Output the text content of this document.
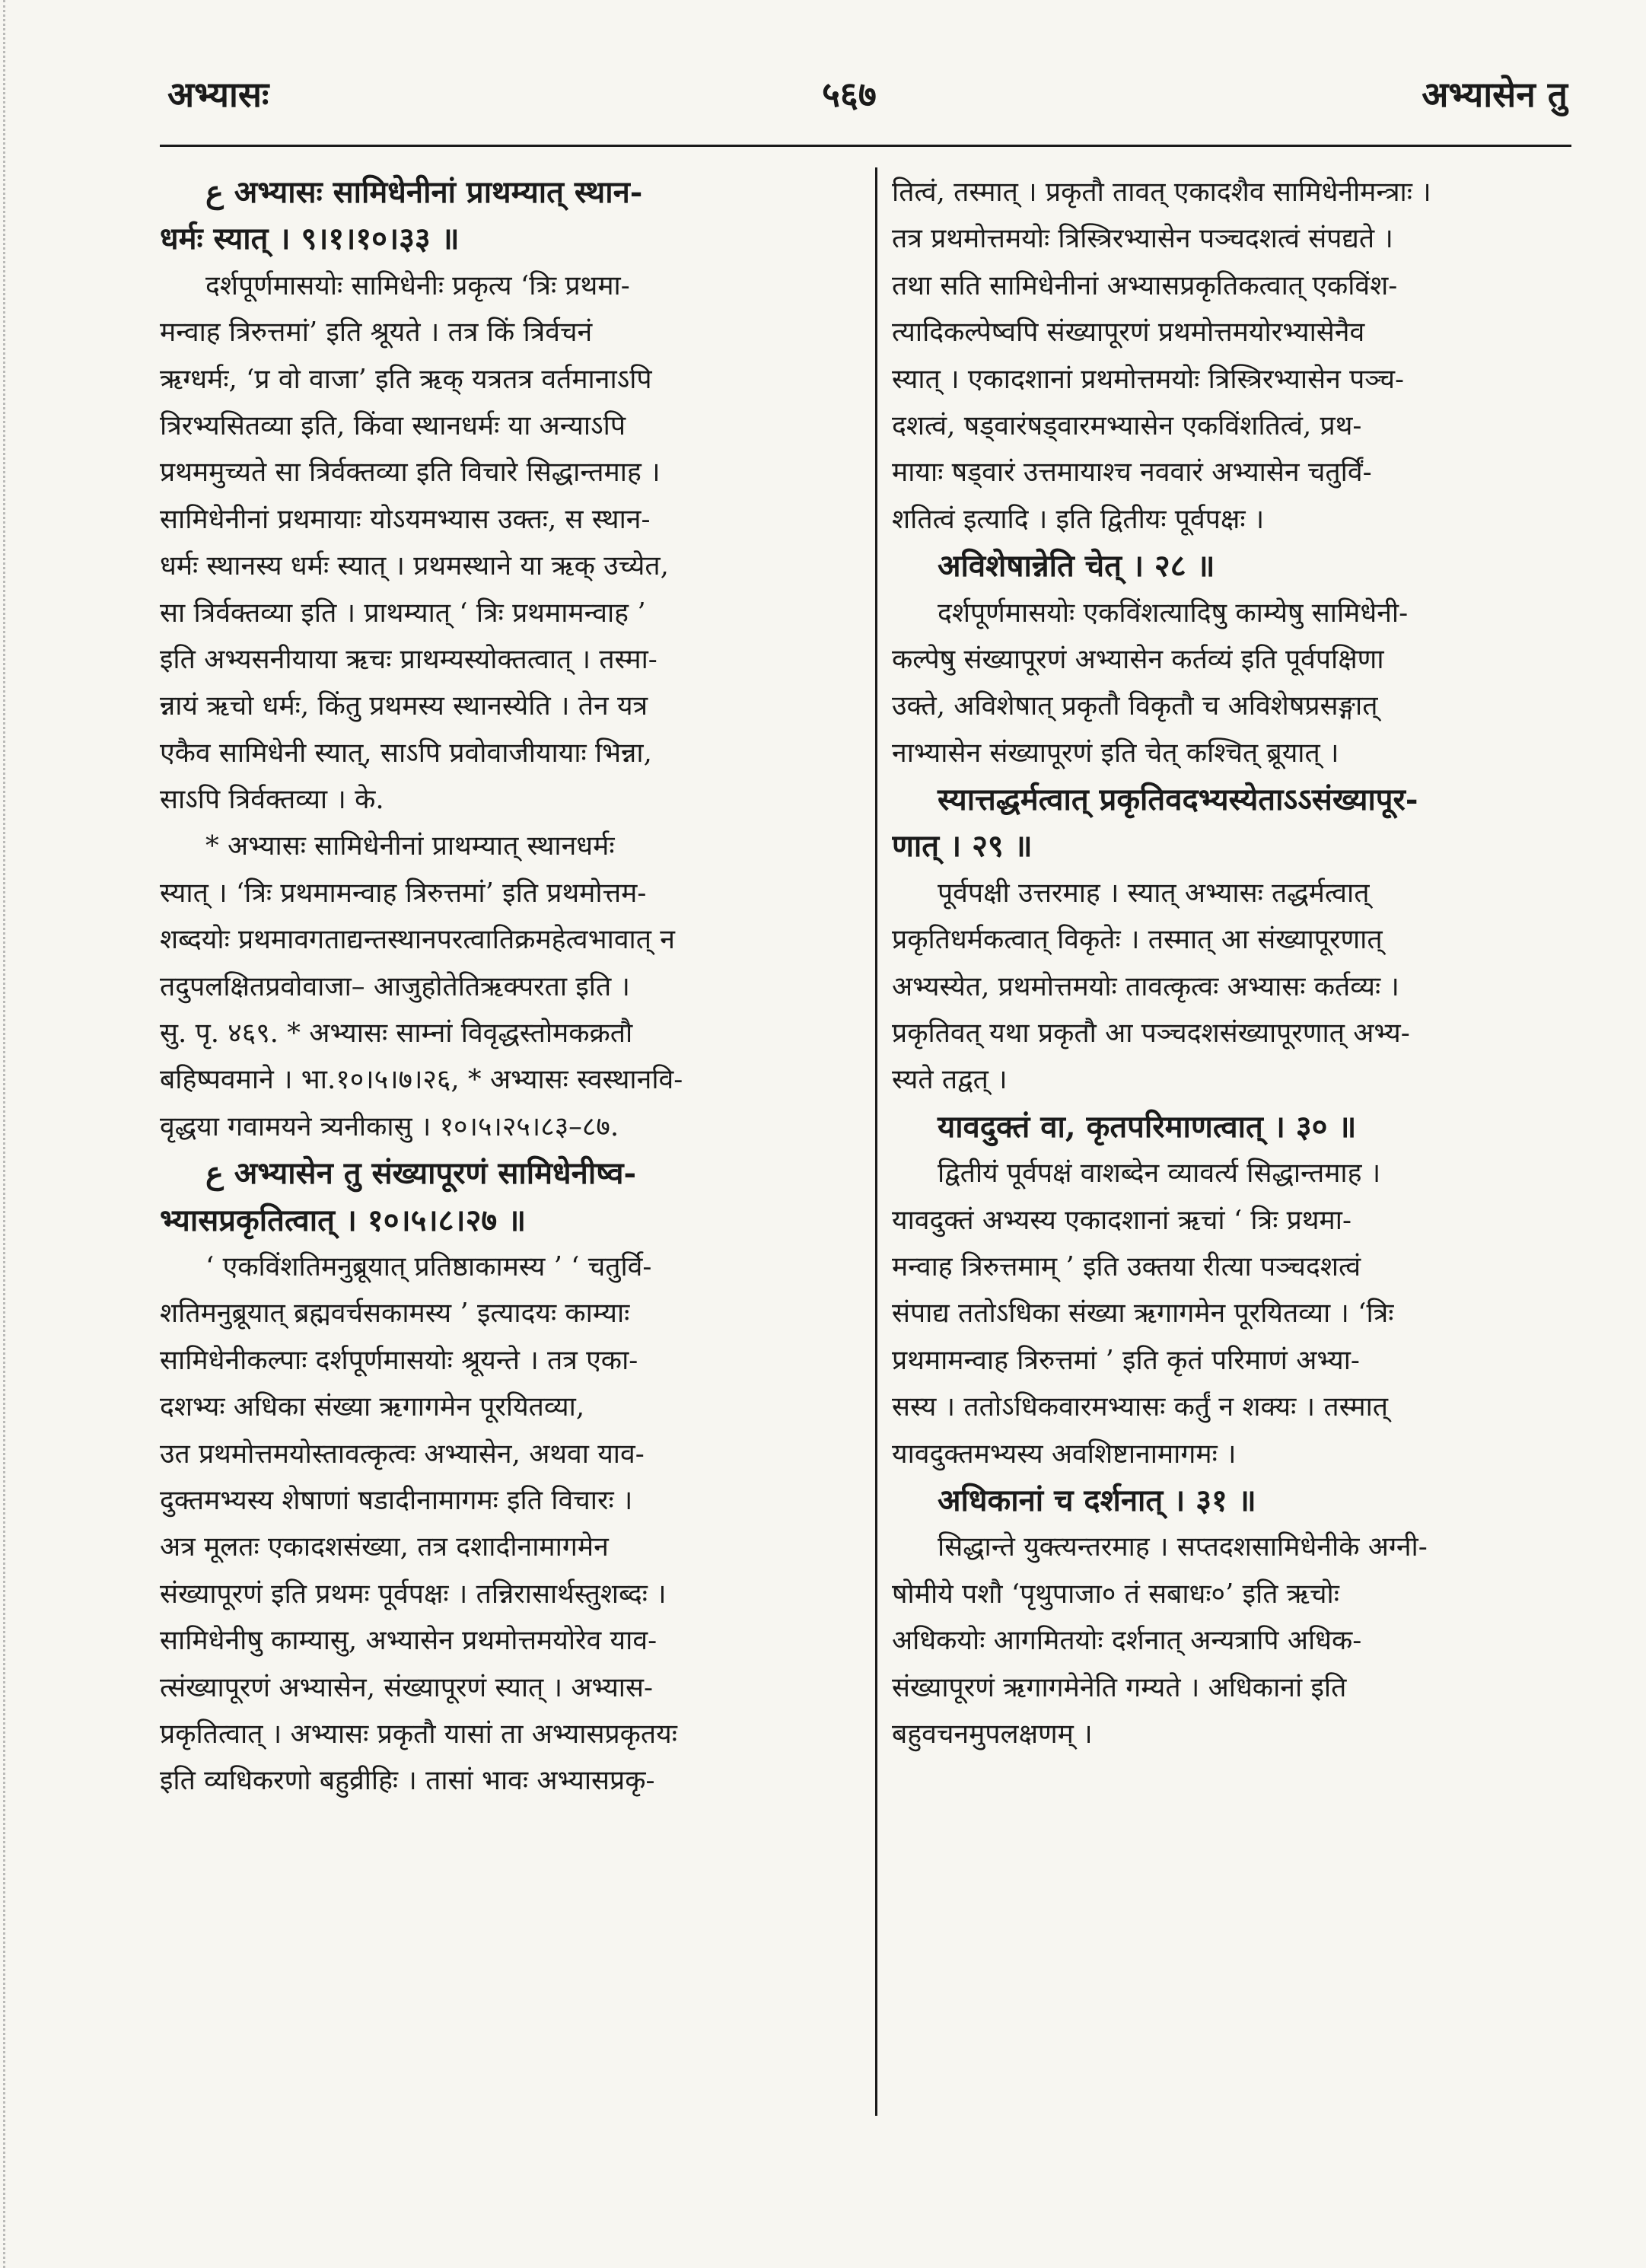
अभ्यासः	५६७	अभ्यासेन तु
ﻉ अभ्यासः सामिधेनीनां प्राथम्यात् स्थान-
धर्मः स्यात् । ९।१।१०।३३ ॥
दर्शपूर्णमासयोः सामिधेनीः प्रकृत्य ‘त्रिः प्रथमा-
मन्वाह त्रिरुत्तमां’ इति श्रूयते । तत्र किं त्रिर्वचनं
ऋग्धर्मः, ‘प्र वो वाजा’ इति ऋक् यत्रतत्र वर्तमानाऽपि
त्रिरभ्यसितव्या इति, किंवा स्थानधर्मः या अन्याऽपि
प्रथममुच्यते सा त्रिर्वक्तव्या इति विचारे सिद्धान्तमाह ।
सामिधेनीनां प्रथमायाः योऽयमभ्यास उक्तः, स स्थान-
धर्मः स्थानस्य धर्मः स्यात् । प्रथमस्थाने या ऋक् उच्येत,
सा त्रिर्वक्तव्या इति । प्राथम्यात् ‘ त्रिः प्रथमामन्वाह ’
इति अभ्यसनीयाया ऋचः प्राथम्यस्योक्तत्वात् । तस्मा-
न्नायं ऋचो धर्मः, किंतु प्रथमस्य स्थानस्येति । तेन यत्र
एकैव सामिधेनी स्यात्, साऽपि प्रवोवाजीयायाः भिन्ना,
साऽपि त्रिर्वक्तव्या । के.
* अभ्यासः सामिधेनीनां प्राथम्यात् स्थानधर्मः
स्यात् । ‘त्रिः प्रथमामन्वाह त्रिरुत्तमां’ इति प्रथमोत्तम-
शब्दयोः प्रथमावगताद्यन्तस्थानपरत्वातिक्रमहेत्वभावात् न
तदुपलक्षितप्रवोवाजा– आजुहोतेतिऋक्परता इति ।
सु. पृ. ४६९. * अभ्यासः साम्नां विवृद्धस्तोमकक्रतौ
बहिष्पवमाने । भा.१०।५।७।२६, * अभ्यासः स्वस्थानवि-
वृद्धया गवामयने त्र्यनीकासु । १०।५।२५।८३–८७.
ﻉ अभ्यासेन तु संख्यापूरणं सामिधेनीष्व-
भ्यासप्रकृतित्वात् । १०।५।८।२७ ॥
‘ एकविंशतिमनुब्रूयात् प्रतिष्ठाकामस्य ’ ‘ चतुर्वि-
शतिमनुब्रूयात् ब्रह्मवर्चसकामस्य ’ इत्यादयः काम्याः
सामिधेनीकल्पाः दर्शपूर्णमासयोः श्रूयन्ते । तत्र एका-
दशभ्यः अधिका संख्या ऋगागमेन पूरयितव्या,
उत प्रथमोत्तमयोस्तावत्कृत्वः अभ्यासेन, अथवा याव-
दुक्तमभ्यस्य शेषाणां षडादीनामागमः इति विचारः ।
अत्र मूलतः एकादशसंख्या, तत्र दशादीनामागमेन
संख्यापूरणं इति प्रथमः पूर्वपक्षः । तन्निरासार्थस्तुशब्दः ।
सामिधेनीषु काम्यासु, अभ्यासेन प्रथमोत्तमयोरेव याव-
त्संख्यापूरणं अभ्यासेन, संख्यापूरणं स्यात् । अभ्यास-
प्रकृतित्वात् । अभ्यासः प्रकृतौ यासां ता अभ्यासप्रकृतयः
इति व्यधिकरणो बहुव्रीहिः । तासां भावः अभ्यासप्रकृ-
तित्वं, तस्मात् । प्रकृतौ तावत् एकादशैव सामिधेनीमन्त्राः ।
तत्र प्रथमोत्तमयोः त्रिस्त्रिरभ्यासेन पञ्चदशत्वं संपद्यते ।
तथा सति सामिधेनीनां अभ्यासप्रकृतिकत्वात् एकविंश-
त्यादिकल्पेष्वपि संख्यापूरणं प्रथमोत्तमयोरभ्यासेनैव
स्यात् । एकादशानां प्रथमोत्तमयोः त्रिस्त्रिरभ्यासेन पञ्च-
दशत्वं, षड्वारंषड्वारमभ्यासेन एकविंशतित्वं, प्रथ-
मायाः षड्वारं उत्तमायाश्च नववारं अभ्यासेन चतुर्विं-
शतित्वं इत्यादि । इति द्वितीयः पूर्वपक्षः ।
अविशेषान्नेति चेत् । २८ ॥
दर्शपूर्णमासयोः एकविंशत्यादिषु काम्येषु सामिधेनी-
कल्पेषु संख्यापूरणं अभ्यासेन कर्तव्यं इति पूर्वपक्षिणा
उक्ते, अविशेषात् प्रकृतौ विकृतौ च अविशेषप्रसङ्गात्
नाभ्यासेन संख्यापूरणं इति चेत् कश्चित् ब्रूयात् ।
स्यात्तद्धर्मत्वात् प्रकृतिवदभ्यस्येताऽऽसंख्यापूर-
णात् । २९ ॥
पूर्वपक्षी उत्तरमाह । स्यात् अभ्यासः तद्धर्मत्वात्
प्रकृतिधर्मकत्वात् विकृतेः । तस्मात् आ संख्यापूरणात्
अभ्यस्येत, प्रथमोत्तमयोः तावत्कृत्वः अभ्यासः कर्तव्यः ।
प्रकृतिवत् यथा प्रकृतौ आ पञ्चदशसंख्यापूरणात् अभ्य-
स्यते तद्वत् ।
यावदुक्तं वा, कृतपरिमाणत्वात् । ३० ॥
द्वितीयं पूर्वपक्षं वाशब्देन व्यावर्त्य सिद्धान्तमाह ।
यावदुक्तं अभ्यस्य एकादशानां ऋचां ‘ त्रिः प्रथमा-
मन्वाह त्रिरुत्तमाम् ’ इति उक्तया रीत्या पञ्चदशत्वं
संपाद्य ततोऽधिका संख्या ऋगागमेन पूरयितव्या । ‘त्रिः
प्रथमामन्वाह त्रिरुत्तमां ’ इति कृतं परिमाणं अभ्या-
सस्य । ततोऽधिकवारमभ्यासः कर्तुं न शक्यः । तस्मात्
यावदुक्तमभ्यस्य अवशिष्टानामागमः ।
अधिकानां च दर्शनात् । ३१ ॥
सिद्धान्ते युक्त्यन्तरमाह । सप्तदशसामिधेनीके अग्नी-
षोमीये पशौ ‘पृथुपाजा० तं सबाधः०’ इति ऋचोः
अधिकयोः आगमितयोः दर्शनात् अन्यत्रापि अधिक-
संख्यापूरणं ऋगागमेनेति गम्यते । अधिकानां इति
बहुवचनमुपलक्षणम् ।
